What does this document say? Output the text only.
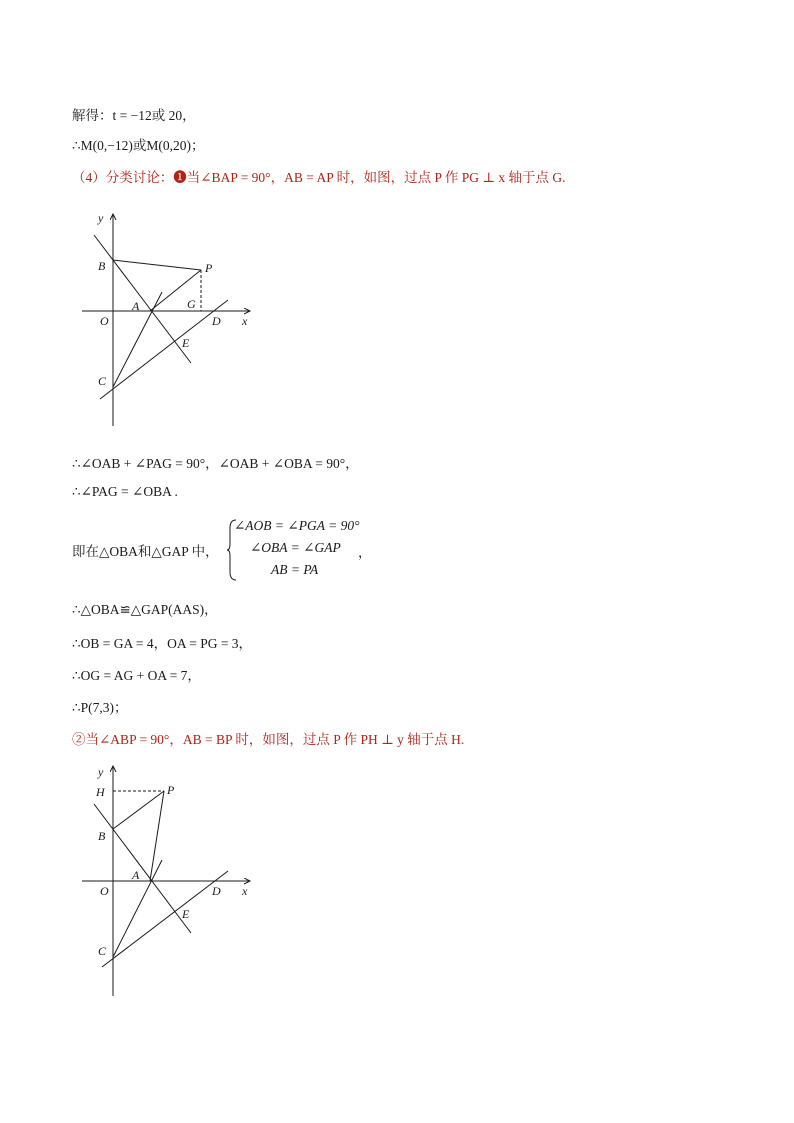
解得：t = −12或 20，
∴M(0,−12)或M(0,20)；
（4）分类讨论：❶当∠BAP = 90°，AB = AP 时，如图，过点 P 作 PG ⊥ x 轴于点 G.
y
x
B	P
A	G
O	D
E
C
∴∠OAB + ∠PAG = 90°，∠OAB + ∠OBA = 90°，
∴∠PAG = ∠OBA .
即在△OBA和△GAP 中，
∠AOB = ∠PGA = 90°
∠OBA = ∠GAP
AB = PA
，
∴△OBA≌△GAP(AAS)，
∴OB = GA = 4，OA = PG = 3，
∴OG = AG + OA = 7，
∴P(7,3)；
②当∠ABP = 90°，AB = BP 时，如图，过点 P 作 PH ⊥ y 轴于点 H.
y
x
H	P
B
A
O	D
E
C
